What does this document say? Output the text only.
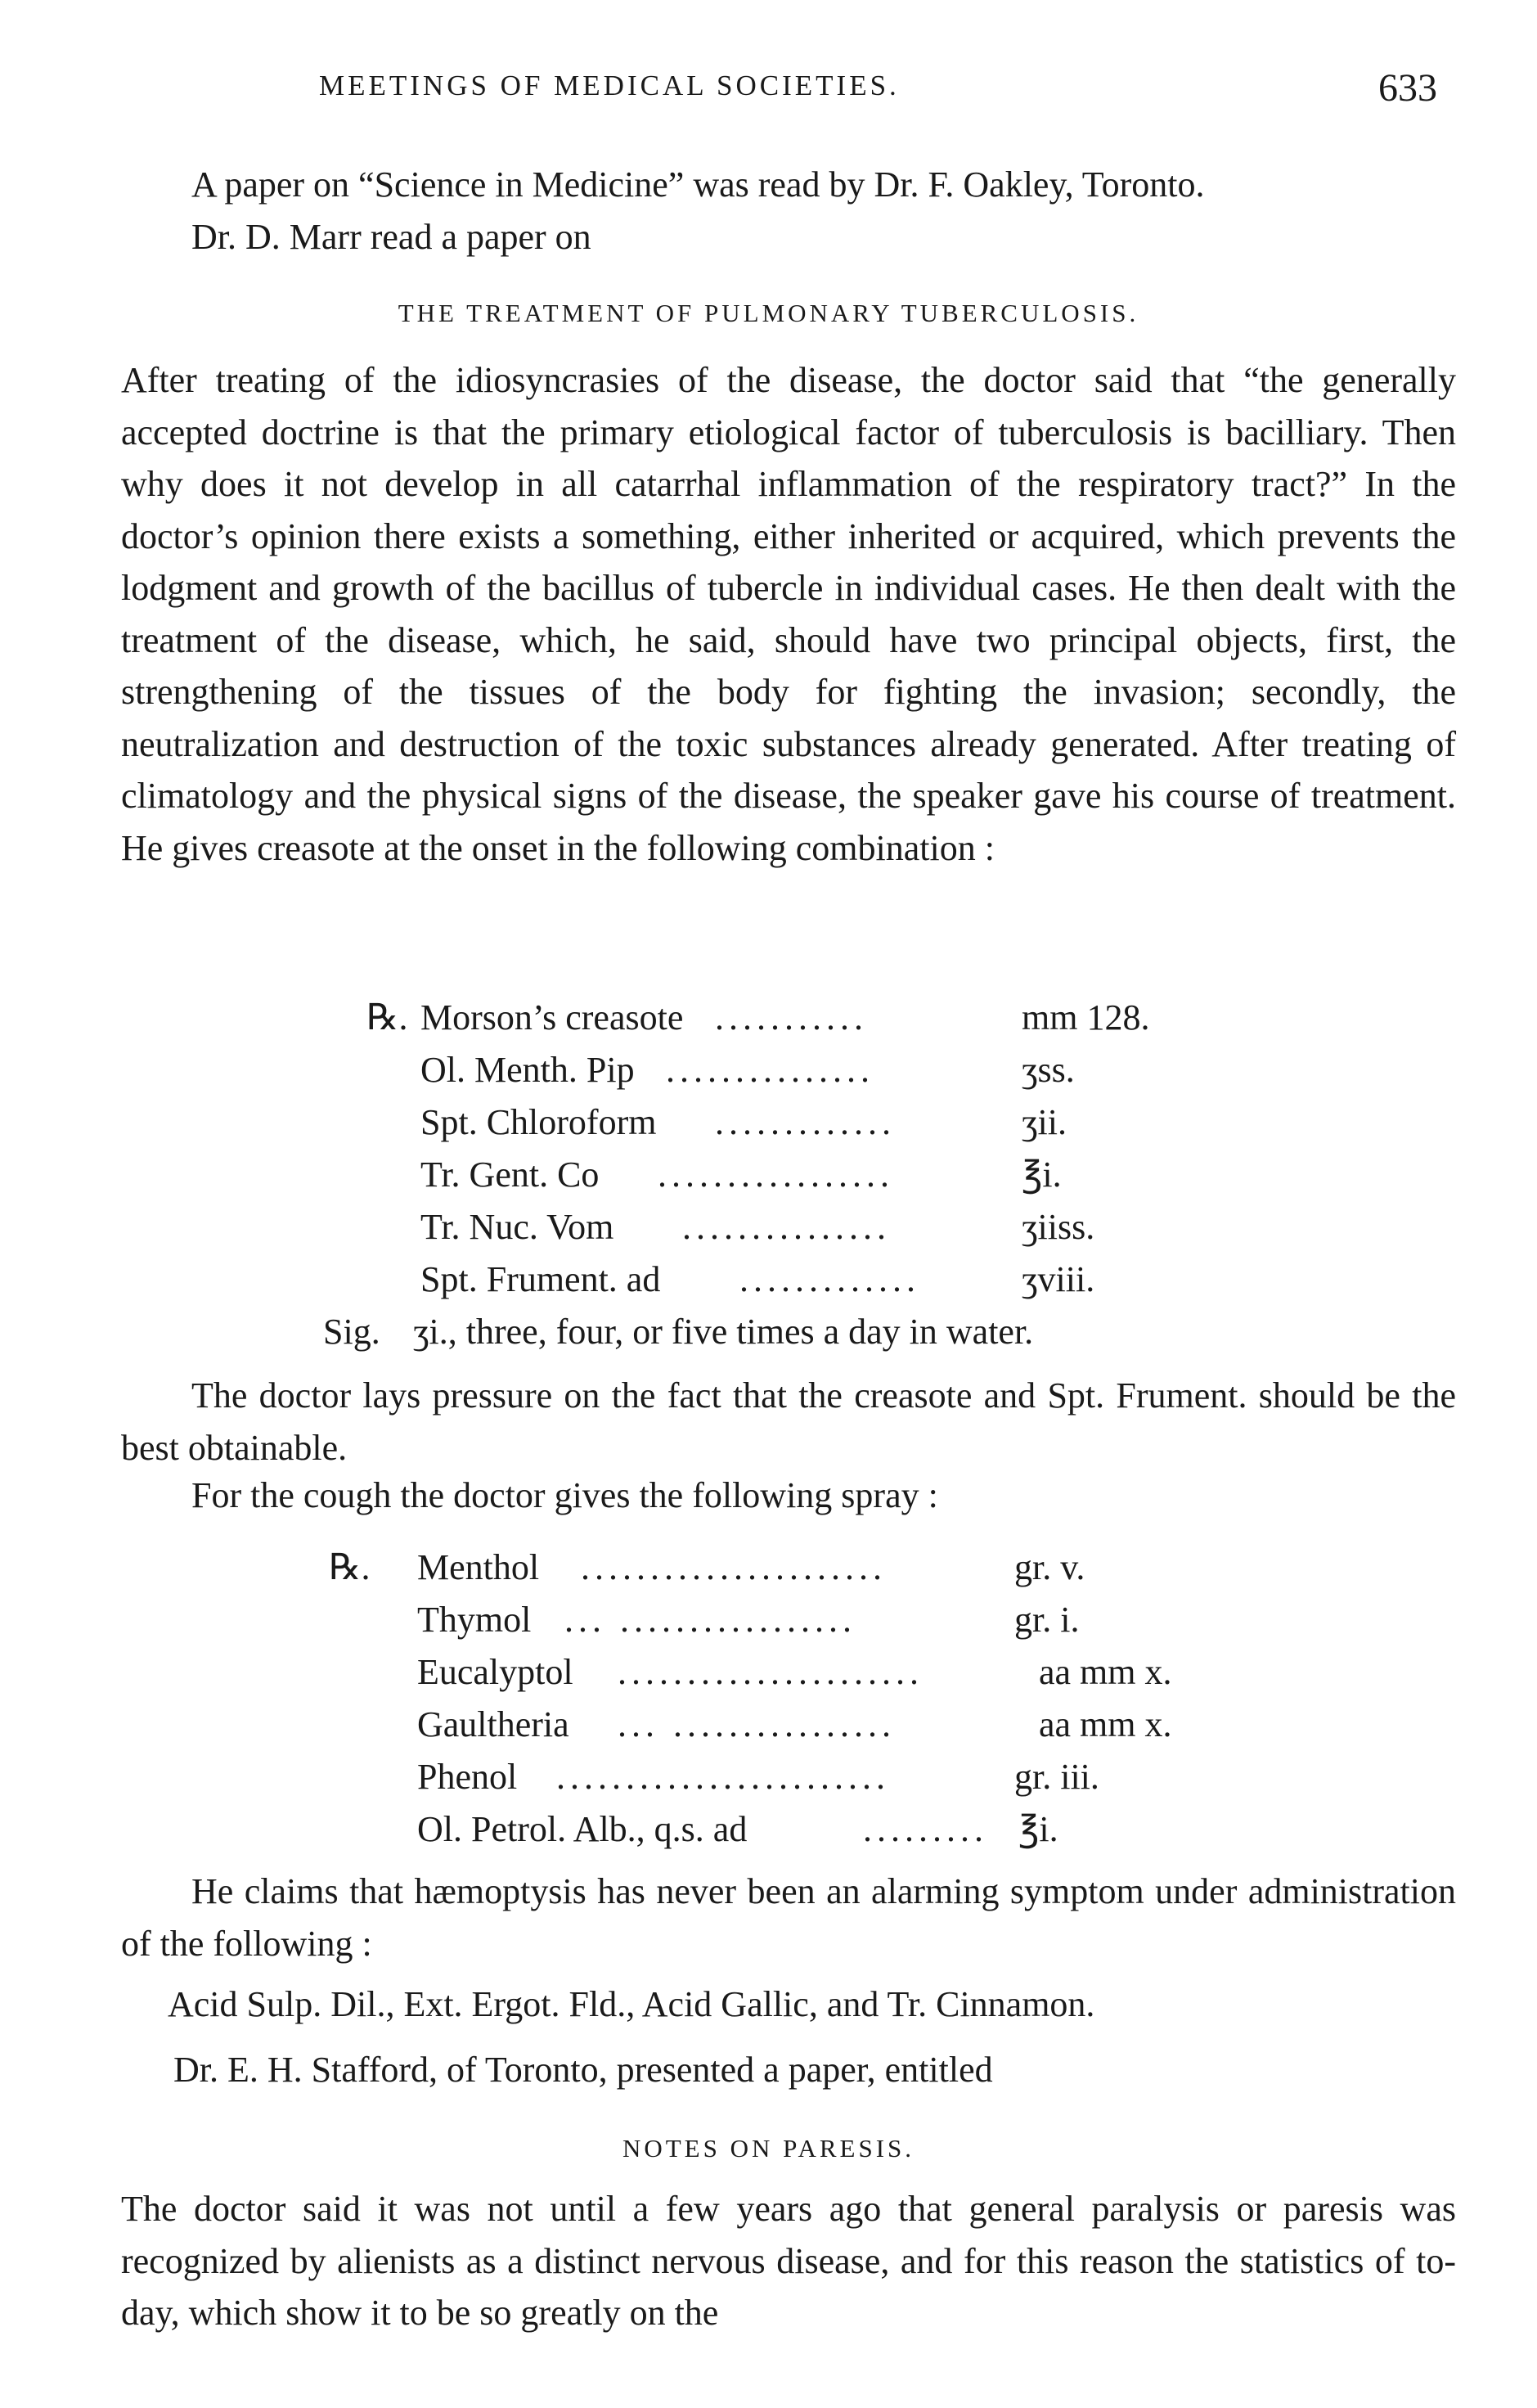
MEETINGS OF MEDICAL SOCIETIES.	633

A paper on “Science in Medicine” was read by Dr. F. Oakley, Toronto.

Dr. D. Marr read a paper on

THE TREATMENT OF PULMONARY TUBERCULOSIS.

After treating of the idiosyncrasies of the disease, the doctor said that “the generally accepted doctrine is that the primary etiological factor of tuberculosis is bacilliary. Then why does it not develop in all catarrhal inflammation of the respiratory tract?” In the doctor’s opinion there exists a something, either inherited or acquired, which prevents the lodgment and growth of the bacillus of tubercle in individual cases. He then dealt with the treatment of the disease, which, he said, should have two principal objects, first, the strengthening of the tissues of the body for fighting the invasion; secondly, the neutralization and destruction of the toxic substances already generated. After treating of climatology and the physical signs of the disease, the speaker gave his course of treatment. He gives creasote at the onset in the following combination :

℞. Morson’s creasote ...........	mm 128.
Ol. Menth. Pip ...............	ʒss.
Spt. Chloroform .............	ʒii.
Tr. Gent. Co .................	℥i.
Tr. Nuc. Vom ...............	ʒiiss.
Spt. Frument. ad .............	ʒviii.
Sig. ʒi., three, four, or five times a day in water.

The doctor lays pressure on the fact that the creasote and Spt. Frument. should be the best obtainable.

For the cough the doctor gives the following spray :

℞. Menthol ......................	gr. v.
Thymol ... .................	gr. i.
Eucalyptol ......................	aa mm x.
Gaultheria ... ................	aa mm x.
Phenol ........................	gr. iii.
Ol. Petrol. Alb., q.s. ad	......... ℥i.

He claims that hæmoptysis has never been an alarming symptom under administration of the following :

Acid Sulp. Dil., Ext. Ergot. Fld., Acid Gallic, and Tr. Cinnamon.

Dr. E. H. Stafford, of Toronto, presented a paper, entitled

NOTES ON PARESIS.

The doctor said it was not until a few years ago that general paralysis or paresis was recognized by alienists as a distinct nervous disease, and for this reason the statistics of to-day, which show it to be so greatly on the
